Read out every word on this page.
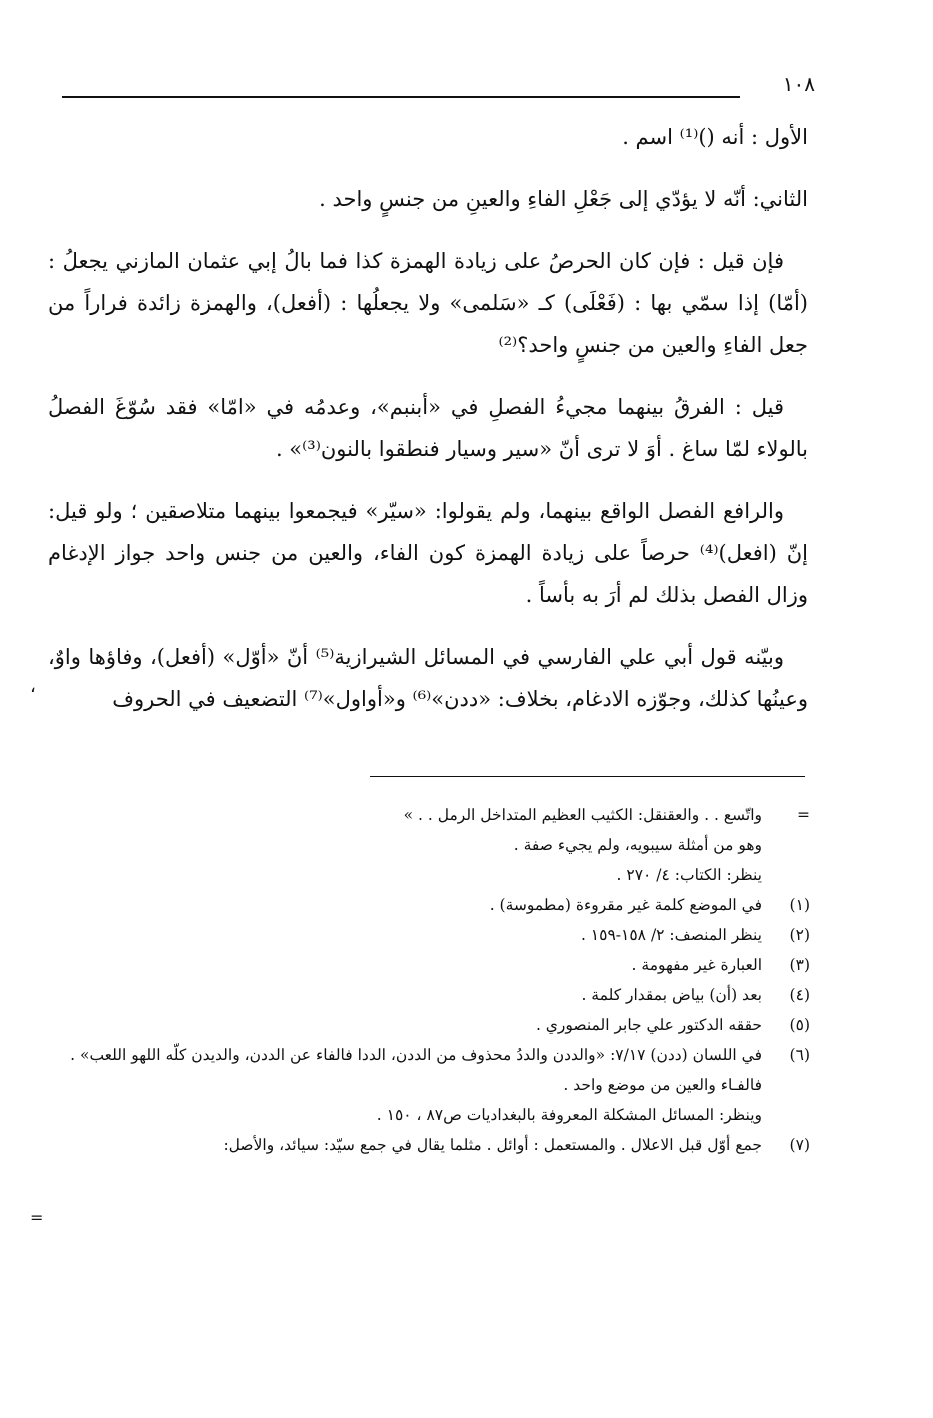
١٠٨

الأول : أنه ()⁽¹⁾ اسم .

الثاني: أنّه لا يؤدّي إلى جَعْلِ الفاءِ والعينِ من جنسٍ واحد .

فإن قيل : فإن كان الحرصُ على زيادة الهمزة كذا فما بالُ إبي عثمان المازني يجعلُ : (أمّا) إذا سمّي بها : (فَعْلَى) كـ «سَلمى» ولا يجعلُها : (أفعل)، والهمزة زائدة فراراً من جعل الفاءِ والعين من جنسٍ واحد؟⁽²⁾

قيل : الفرقُ بينهما مجيءُ الفصلِ في «أبنبم»، وعدمُه في «امّا» فقد سُوّغَ الفصلُ بالولاء لمّا ساغ . أوَ لا ترى أنّ «سير وسيار فنطقوا بالنون⁽³⁾» .

والرافع الفصل الواقع بينهما، ولم يقولوا: «سيّر» فيجمعوا بينهما متلاصقين ؛ ولو قيل: إنّ (افعل)⁽⁴⁾ حرصاً على زيادة الهمزة كون الفاء، والعين من جنس واحد جواز الإدغام وزال الفصل بذلك لم أرَ به بأساً .

وبيّنه قول أبي علي الفارسي في المسائل الشيرازية⁽⁵⁾ أنّ «أوّل» (أفعل)، وفاؤها واوٌ، وعينُها كذلك، وجوّزه الادغام، بخلاف: «ددن»⁽⁶⁾ و«أواول»⁽⁷⁾ التضعيف في الحروف

،
=
واتّسع . . والعقنقل: الكثيب العظيم المتداخل الرمل . . »
وهو من أمثلة سيبويه، ولم يجيء صفة .
ينظر: الكتاب: ٤/ ٢٧٠ .
(١)
في الموضع كلمة غير مقروءة (مطموسة) .
(٢)
ينظر المنصف: ٢/ ١٥٨-١٥٩ .
(٣)
العبارة غير مفهومة .
(٤)
بعد (أن) بياض بمقدار كلمة .
(٥)
حققه الدكتور علي جابر المنصوري .
(٦)
في اللسان (ددن) ٧/١٧: «والددن والددُ محذوف من الددن، الددا فالفاء عن الددن، والديدن كلّه اللهو اللعب» .
فالفـاء والعين من موضع واحد .
وينظر: المسائل المشكلة المعروفة بالبغداديات ص٨٧ ، ١٥٠ .
(٧)
جمع أوّل قبل الاعلال . والمستعمل : أوائل . مثلما يقال في جمع سيّد: سيائد، والأصل:
=
